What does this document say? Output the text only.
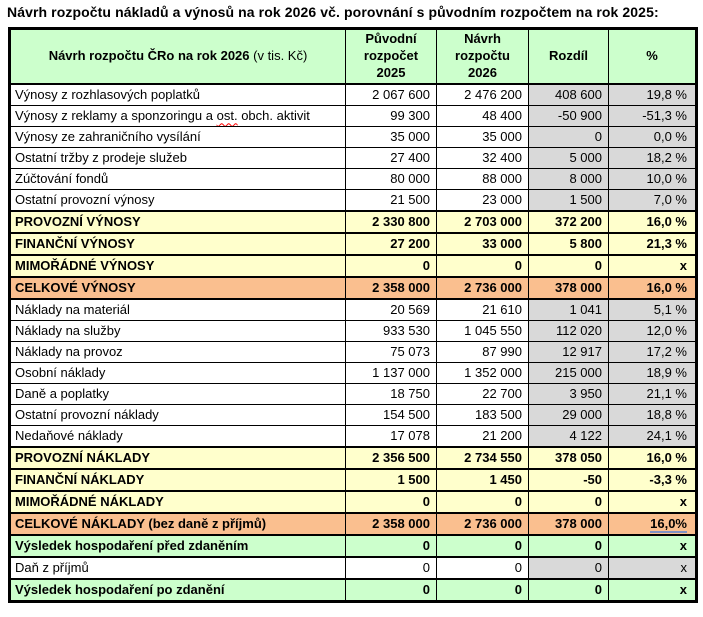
Návrh rozpočtu nákladů a výnosů na rok 2026 vč. porovnání s původním rozpočtem na rok 2025:
Návrh rozpočtu ČRo na rok 2026 (v tis. Kč)	Původní rozpočet 2025	Návrh rozpočtu 2026	Rozdíl	%
Výnosy z rozhlasových poplatků	2 067 600	2 476 200	408 600	19,8 %
Výnosy z reklamy a sponzoringu a ost. obch. aktivit	99 300	48 400	-50 900	-51,3 %
Výnosy ze zahraničního vysílání	35 000	35 000	0	0,0 %
Ostatní tržby z prodeje služeb	27 400	32 400	5 000	18,2 %
Zúčtování fondů	80 000	88 000	8 000	10,0 %
Ostatní provozní výnosy	21 500	23 000	1 500	7,0 %
PROVOZNÍ VÝNOSY	2 330 800	2 703 000	372 200	16,0 %
FINANČNÍ VÝNOSY	27 200	33 000	5 800	21,3 %
MIMOŘÁDNÉ VÝNOSY	0	0	0	x
CELKOVÉ VÝNOSY	2 358 000	2 736 000	378 000	16,0 %
Náklady na materiál	20 569	21 610	1 041	5,1 %
Náklady na služby	933 530	1 045 550	112 020	12,0 %
Náklady na provoz	75 073	87 990	12 917	17,2 %
Osobní náklady	1 137 000	1 352 000	215 000	18,9 %
Daně a poplatky	18 750	22 700	3 950	21,1 %
Ostatní provozní náklady	154 500	183 500	29 000	18,8 %
Nedaňové náklady	17 078	21 200	4 122	24,1 %
PROVOZNÍ NÁKLADY	2 356 500	2 734 550	378 050	16,0 %
FINANČNÍ NÁKLADY	1 500	1 450	-50	-3,3 %
MIMOŘÁDNÉ NÁKLADY	0	0	0	x
CELKOVÉ NÁKLADY (bez daně z příjmů)	2 358 000	2 736 000	378 000	16,0%
Výsledek hospodaření před zdaněním	0	0	0	x
Daň z příjmů	0	0	0	x
Výsledek hospodaření po zdanění	0	0	0	x
